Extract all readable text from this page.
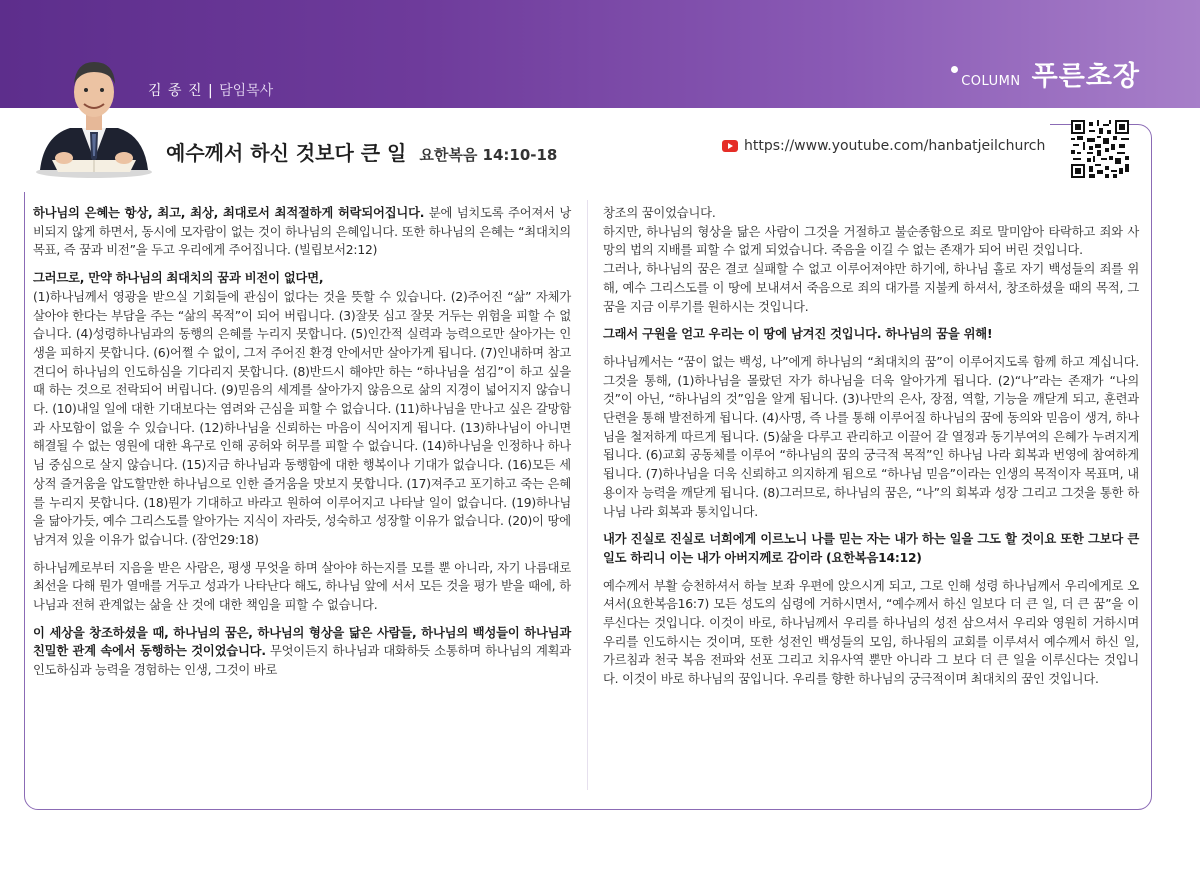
김 종 진 | 담임목사
COLUMN 푸른초장
예수께서 하신 것보다 큰 일 요한복음 14:10-18	https://www.youtube.com/hanbatjeilchurch

하나님의 은혜는 항상, 최고, 최상, 최대로서 최적절하게 허락되어집니다. 분에 넘치도록 주어져서 낭비되지 않게 하면서, 동시에 모자람이 없는 것이 하나님의 은혜입니다. 또한 하나님의 은혜는 “최대치의 목표, 즉 꿈과 비전”을 두고 우리에게 주어집니다. (빌립보서2:12)

그러므로, 만약 하나님의 최대치의 꿈과 비전이 없다면,

(1)하나님께서 영광을 받으실 기회들에 관심이 없다는 것을 뜻할 수 있습니다. (2)주어진 “삶” 자체가 살아야 한다는 부담을 주는 “삶의 목적”이 되어 버립니다. (3)잘못 심고 잘못 거두는 위험을 피할 수 없습니다. (4)성령하나님과의 동행의 은혜를 누리지 못합니다. (5)인간적 실력과 능력으로만 살아가는 인생을 피하지 못합니다. (6)어쩔 수 없이, 그저 주어진 환경 안에서만 살아가게 됩니다. (7)인내하며 참고 견디어 하나님의 인도하심을 기다리지 못합니다. (8)반드시 해야만 하는 “하나님을 섬김”이 하고 싶을 때 하는 것으로 전락되어 버립니다. (9)믿음의 세계를 살아가지 않음으로 삶의 지경이 넓어지지 않습니다. (10)내일 일에 대한 기대보다는 염려와 근심을 피할 수 없습니다. (11)하나님을 만나고 싶은 갈망함과 사모함이 없을 수 있습니다. (12)하나님을 신뢰하는 마음이 식어지게 됩니다. (13)하나님이 아니면 해결될 수 없는 영원에 대한 욕구로 인해 공허와 허무를 피할 수 없습니다. (14)하나님을 인정하나 하나님 중심으로 살지 않습니다. (15)지금 하나님과 동행함에 대한 행복이나 기대가 없습니다. (16)모든 세상적 즐거움을 압도할만한 하나님으로 인한 즐거움을 맛보지 못합니다. (17)져주고 포기하고 죽는 은혜를 누리지 못합니다. (18)뭔가 기대하고 바라고 원하여 이루어지고 나타날 일이 없습니다. (19)하나님을 닮아가듯, 예수 그리스도를 알아가는 지식이 자라듯, 성숙하고 성장할 이유가 없습니다. (20)이 땅에 남겨져 있을 이유가 없습니다. (잠언29:18)

하나님께로부터 지음을 받은 사람은, 평생 무엇을 하며 살아야 하는지를 모를 뿐 아니라, 자기 나름대로 최선을 다해 뭔가 열매를 거두고 성과가 나타난다 해도, 하나님 앞에 서서 모든 것을 평가 받을 때에, 하나님과 전혀 관계없는 삶을 산 것에 대한 책임을 피할 수 없습니다.

이 세상을 창조하셨을 때, 하나님의 꿈은, 하나님의 형상을 닮은 사람들, 하나님의 백성들이 하나님과 친밀한 관계 속에서 동행하는 것이었습니다. 무엇이든지 하나님과 대화하듯 소통하며 하나님의 계획과 인도하심과 능력을 경험하는 인생, 그것이 바로

창조의 꿈이었습니다.

하지만, 하나님의 형상을 닮은 사람이 그것을 거절하고 불순종함으로 죄로 말미암아 타락하고 죄와 사망의 법의 지배를 피할 수 없게 되었습니다. 죽음을 이길 수 없는 존재가 되어 버린 것입니다.

그러나, 하나님의 꿈은 결코 실패할 수 없고 이루어져야만 하기에, 하나님 홀로 자기 백성들의 죄를 위해, 예수 그리스도를 이 땅에 보내셔서 죽음으로 죄의 대가를 지불케 하셔서, 창조하셨을 때의 목적, 그 꿈을 지금 이루기를 원하시는 것입니다.

그래서 구원을 얻고 우리는 이 땅에 남겨진 것입니다. 하나님의 꿈을 위해!

하나님께서는 “꿈이 없는 백성, 나”에게 하나님의 “최대치의 꿈”이 이루어지도록 함께 하고 계십니다. 그것을 통해, (1)하나님을 몰랐던 자가 하나님을 더욱 알아가게 됩니다. (2)“나”라는 존재가 “나의 것”이 아닌, “하나님의 것”임을 알게 됩니다. (3)나만의 은사, 장점, 역할, 기능을 깨닫게 되고, 훈련과 단련을 통해 발전하게 됩니다. (4)사명, 즉 나를 통해 이루어질 하나님의 꿈에 동의와 믿음이 생겨, 하나님을 철저하게 따르게 됩니다. (5)삶을 다루고 관리하고 이끌어 갈 열정과 동기부여의 은혜가 누려지게 됩니다. (6)교회 공동체를 이루어 “하나님의 꿈의 궁극적 목적”인 하나님 나라 회복과 번영에 참여하게 됩니다. (7)하나님을 더욱 신뢰하고 의지하게 됨으로 “하나님 믿음”이라는 인생의 목적이자 목표며, 내용이자 능력을 깨닫게 됩니다. (8)그러므로, 하나님의 꿈은, “나”의 회복과 성장 그리고 그것을 통한 하나님 나라 회복과 통치입니다.

내가 진실로 진실로 너희에게 이르노니 나를 믿는 자는 내가 하는 일을 그도 할 것이요 또한 그보다 큰 일도 하리니 이는 내가 아버지께로 감이라 (요한복음14:12)

예수께서 부활 승천하셔서 하늘 보좌 우편에 앉으시게 되고, 그로 인해 성령 하나님께서 우리에게로 오셔서(요한복음16:7) 모든 성도의 심령에 거하시면서, “예수께서 하신 일보다 더 큰 일, 더 큰 꿈”을 이루신다는 것입니다. 이것이 바로, 하나님께서 우리를 하나님의 성전 삼으셔서 우리와 영원히 거하시며 우리를 인도하시는 것이며, 또한 성전인 백성들의 모임, 하나됨의 교회를 이루셔서 예수께서 하신 일, 가르침과 천국 복음 전파와 선포 그리고 치유사역 뿐만 아니라 그 보다 더 큰 일을 이루신다는 것입니다. 이것이 바로 하나님의 꿈입니다. 우리를 향한 하나님의 궁극적이며 최대치의 꿈인 것입니다.
